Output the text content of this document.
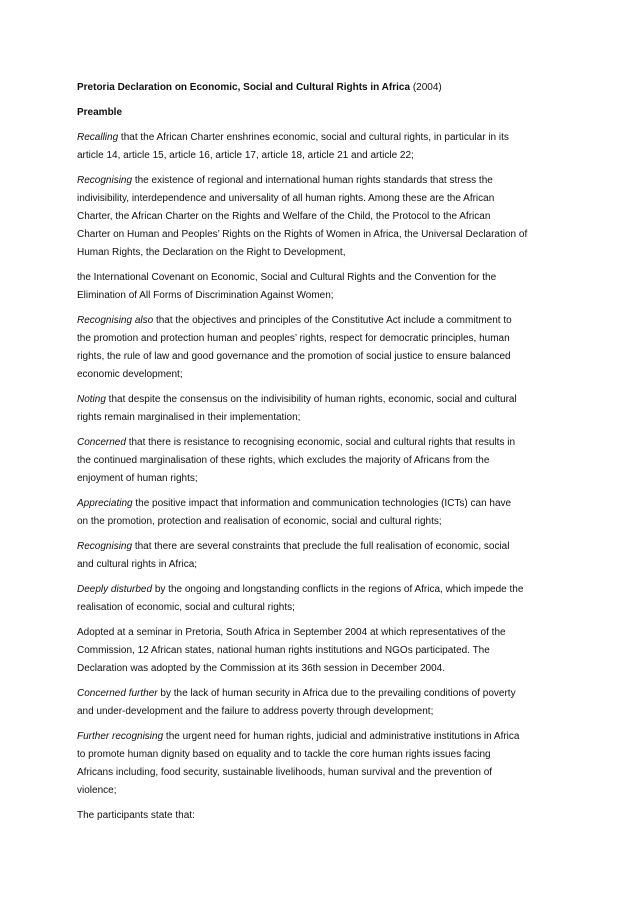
Pretoria Declaration on Economic, Social and Cultural Rights in Africa (2004)
Preamble
Recalling that the African Charter enshrines economic, social and cultural rights, in particular in its
article 14, article 15, article 16, article 17, article 18, article 21 and article 22;
Recognising the existence of regional and international human rights standards that stress the
indivisibility, interdependence and universality of all human rights. Among these are the African
Charter, the African Charter on the Rights and Welfare of the Child, the Protocol to the African
Charter on Human and Peoples’ Rights on the Rights of Women in Africa, the Universal Declaration of
Human Rights, the Declaration on the Right to Development,
the International Covenant on Economic, Social and Cultural Rights and the Convention for the
Elimination of All Forms of Discrimination Against Women;
Recognising also that the objectives and principles of the Constitutive Act include a commitment to
the promotion and protection human and peoples’ rights, respect for democratic principles, human
rights, the rule of law and good governance and the promotion of social justice to ensure balanced
economic development;
Noting that despite the consensus on the indivisibility of human rights, economic, social and cultural
rights remain marginalised in their implementation;
Concerned that there is resistance to recognising economic, social and cultural rights that results in
the continued marginalisation of these rights, which excludes the majority of Africans from the
enjoyment of human rights;
Appreciating the positive impact that information and communication technologies (ICTs) can have
on the promotion, protection and realisation of economic, social and cultural rights;
Recognising that there are several constraints that preclude the full realisation of economic, social
and cultural rights in Africa;
Deeply disturbed by the ongoing and longstanding conflicts in the regions of Africa, which impede the
realisation of economic, social and cultural rights;
Adopted at a seminar in Pretoria, South Africa in September 2004 at which representatives of the
Commission, 12 African states, national human rights institutions and NGOs participated. The
Declaration was adopted by the Commission at its 36th session in December 2004.
Concerned further by the lack of human security in Africa due to the prevailing conditions of poverty
and under-development and the failure to address poverty through development;
Further recognising the urgent need for human rights, judicial and administrative institutions in Africa
to promote human dignity based on equality and to tackle the core human rights issues facing
Africans including, food security, sustainable livelihoods, human survival and the prevention of
violence;
The participants state that:
